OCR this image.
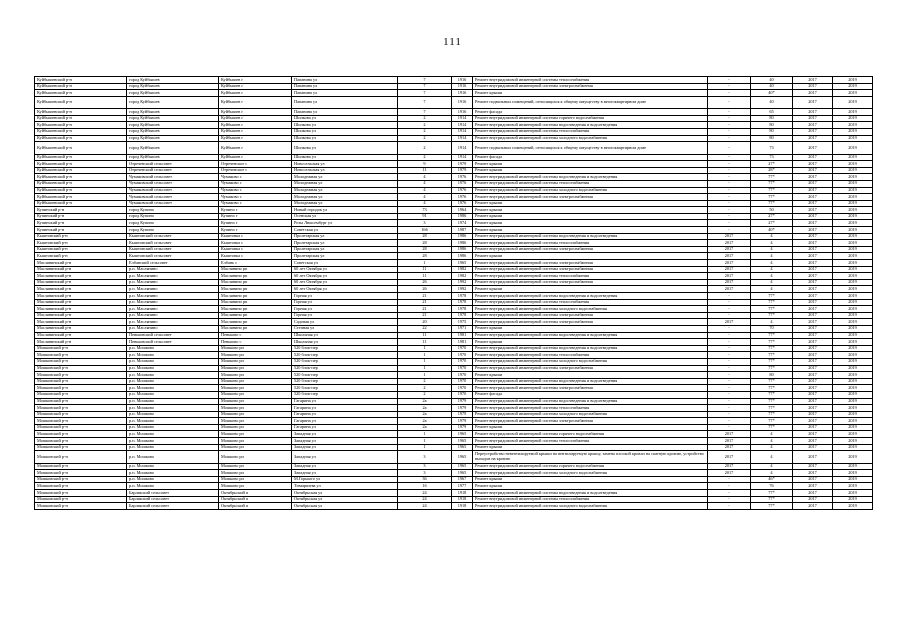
111
Куйбышевский р-н	город Куйбышев	Куйбышев г	Папанина ул	7	1916	Ремонт внутридомовой инженерной системы теплоснабжения	-	40	2017	2019
Куйбышевский р-н	город Куйбышев	Куйбышев г	Папанина ул	7	1916	Ремонт внутридомовой инженерной системы электроснабжения	-	40	2017	2019
Куйбышевский р-н	город Куйбышев	Куйбышев г	Папанина ул	7	1916	Ремонт крыши	-	40*	2017	2019
Куйбышевский р-н	город Куйбышев	Куйбышев г	Папанина ул	7	1916	Ремонт подвальных помещений, относящихся к общему имуществу в многоквартирном доме	-	40	2017	2019
Куйбышевский р-н	город Куйбышев	Куйбышев г	Папанина ул	7	1916	Ремонт фасада	-	65	2017	2019
Куйбышевский р-н	город Куйбышев	Куйбышев г	Шилкова ул	2	1914	Ремонт внутридомовой инженерной системы горячего водоснабжения	-	80	2017	2019
Куйбышевский р-н	город Куйбышев	Куйбышев г	Шилкова ул	2	1914	Ремонт внутридомовой инженерной системы водоотведения и водоотведения	-	80	2017	2019
Куйбышевский р-н	город Куйбышев	Куйбышев г	Шилкова ул	2	1914	Ремонт внутридомовой инженерной системы теплоснабжения	-	80	2017	2019
Куйбышевский р-н	город Куйбышев	Куйбышев г	Шилкова ул	2	1914	Ремонт внутридомовой инженерной системы холодного водоснабжения	-	80	2017	2019
Куйбышевский р-н	город Куйбышев	Куйбышев г	Шилкова ул	2	1914	Ремонт подвальных помещений, относящихся к общему имуществу в многоквартирном доме	-	73	2017	2019
Куйбышевский р-н	город Куйбышев	Куйбышев г	Шилкова ул	2	1914	Ремонт фасада	-	73	2017	2019
Куйбышевский р-н	Отреченский сельсовет	Отреченское с	Новосельская ул	9	1979	Ремонт крыши	-	27*	2017	2019
Куйбышевский р-н	Отреченский сельсовет	Отреченское с	Новосельская ул	11	1979	Ремонт крыши	-	28*	2017	2019
Куйбышевский р-н	Чумаковский сельсовет	Чумаково с	Молодежная ул	4	1976	Ремонт внутридомовой инженерной системы водоотведения и водоотведения	-	77*	2017	2019
Куйбышевский р-н	Чумаковский сельсовет	Чумаково с	Молодежная ул	4	1976	Ремонт внутридомовой инженерной системы теплоснабжения	-	77*	2017	2019
Куйбышевский р-н	Чумаковский сельсовет	Чумаково с	Молодежная ул	4	1976	Ремонт внутридомовой инженерной системы холодного водоснабжения	-	77*	2017	2019
Куйбышевский р-н	Чумаковский сельсовет	Чумаково с	Молодежная ул	4	1976	Ремонт внутридомовой инженерной системы электроснабжения	-	77*	2017	2019
Куйбышевский р-н	Чумаковский сельсовет	Чумаково с	Молодежная ул	4	1976	Ремонт крыши	-	77*	2017	2019
Купинский р-н	город Купино	Купино г	Новый городок ул	73	1964	Ремонт крыши	-	50	2017	2019
Купинский р-н	город Купино	Купино г	Осенская ул	91	1986	Ремонт крыши	-	27*	2017	2019
Купинский р-н	город Купино	Купино г	Розы Люксембург ул	3	1974	Ремонт крыши	-	27*	2017	2019
Купинский р-н	город Купино	Купино г	Советская ул	166	1987	Ремонт крыши	-	40*	2017	2019
Кыштовский р-н	Кыштовский сельсовет	Кыштовка с	Пролетарская ул	28	1986	Ремонт внутридомовой инженерной системы водоотведения и водоотведения	2017	4	2017	2019
Кыштовский р-н	Кыштовский сельсовет	Кыштовка с	Пролетарская ул	28	1986	Ремонт внутридомовой инженерной системы теплоснабжения	2017	4	2017	2019
Кыштовский р-н	Кыштовский сельсовет	Кыштовка с	Пролетарская ул	28	1986	Ремонт внутридомовой инженерной системы электроснабжения	2017	4	2017	2019
Кыштовский р-н	Кыштовский сельсовет	Кыштовка с	Пролетарская ул	28	1986	Ремонт крыши	2017	4	2017	2019
Маслянинский р-н	Елбанский сельсовет	Елбань с	Советская ул	1	1965	Ремонт внутридомовой инженерной системы электроснабжения	2017	4	2017	2019
Маслянинский р-н	р.п. Маслянино	Маслянино рп	60 лет Октября ул	11	1982	Ремонт внутридомовой инженерной системы электроснабжения	2017	4	2017	2019
Маслянинский р-н	р.п. Маслянино	Маслянино рп	60 лет Октября ул	11	1982	Ремонт внутридомовой инженерной системы теплоснабжения	2017	4	2017	2019
Маслянинский р-н	р.п. Маслянино	Маслянино рп	60 лет Октября ул	26	1992	Ремонт внутридомовой инженерной системы электроснабжения	2017	4	2017	2019
Маслянинский р-н	р.п. Маслянино	Маслянино рп	60 лет Октября ул	26	1992	Ремонт крыши	2017	4	2017	2019
Маслянинский р-н	р.п. Маслянино	Маслянино рп	Горная ул	21	1978	Ремонт внутридомовой инженерной системы водоотведения и водоотведения	-	77*	2017	2019
Маслянинский р-н	р.п. Маслянино	Маслянино рп	Горная ул	21	1978	Ремонт внутридомовой инженерной системы теплоснабжения	-	77*	2017	2019
Маслянинский р-н	р.п. Маслянино	Маслянино рп	Горная ул	21	1978	Ремонт внутридомовой инженерной системы холодного водоснабжения	-	77*	2017	2019
Маслянинский р-н	р.п. Маслянино	Маслянино рп	Горная ул	21	1978	Ремонт внутридомовой инженерной системы электроснабжения	-	77*	2017	2019
Маслянинский р-н	р.п. Маслянино	Маслянино рп	Садовая ул	20	1975	Ремонт внутридомовой инженерной системы электроснабжения	2017	4	2017	2019
Маслянинский р-н	р.п. Маслянино	Маслянино рп	Степная ул	22	1971	Ремонт крыши	-	70	2017	2019
Маслянинский р-н	Пеньковский сельсовет	Пеньково с	Школьная ул	11	1981	Ремонт внутридомовой инженерной системы водоотведения и водоотведения	-	77*	2017	2019
Маслянинский р-н	Пеньковский сельсовет	Пеньково с	Школьная ул	11	1981	Ремонт крыши	-	77*	2017	2019
Мошковский р-н	р.п. Мошково	Мошково рп	520 блок-пер	1	1970	Ремонт внутридомовой инженерной системы водоотведения и водоотведения	-	77*	2017	2019
Мошковский р-н	р.п. Мошково	Мошково рп	520 блок-пер	1	1970	Ремонт внутридомовой инженерной системы теплоснабжения	-	77*	2017	2019
Мошковский р-н	р.п. Мошково	Мошково рп	520 блок-пер	1	1970	Ремонт внутридомовой инженерной системы холодного водоснабжения	-	77*	2017	2019
Мошковский р-н	р.п. Мошково	Мошково рп	520 блок-пер	1	1970	Ремонт внутридомовой инженерной системы электроснабжения	-	77*	2017	2019
Мошковский р-н	р.п. Мошково	Мошково рп	520 блок-пер	1	1970	Ремонт крыши	-	80	2017	2019
Мошковский р-н	р.п. Мошково	Мошково рп	520 блок-пер	2	1970	Ремонт внутридомовой инженерной системы водоотведения и водоотведения	-	77*	2017	2019
Мошковский р-н	р.п. Мошково	Мошково рп	520 блок-пер	2	1970	Ремонт внутридомовой инженерной системы электроснабжения	-	77*	2017	2019
Мошковский р-н	р.п. Мошково	Мошково рп	520 блок-пер	2	1970	Ремонт фасада	-	77*	2017	2019
Мошковский р-н	р.п. Мошково	Мошково рп	Гагарина ул	2а	1979	Ремонт внутридомовой инженерной системы водоотведения и водоотведения	-	77*	2017	2019
Мошковский р-н	р.п. Мошково	Мошково рп	Гагарина ул	2а	1979	Ремонт внутридомовой инженерной системы теплоснабжения	-	77*	2017	2019
Мошковский р-н	р.п. Мошково	Мошково рп	Гагарина ул	2а	1979	Ремонт внутридомовой инженерной системы холодного водоснабжения	-	77*	2017	2019
Мошковский р-н	р.п. Мошково	Мошково рп	Гагарина ул	2а	1979	Ремонт внутридомовой инженерной системы электроснабжения	-	77*	2017	2019
Мошковский р-н	р.п. Мошково	Мошково рп	Гагарина ул	2а	1979	Ремонт крыши	-	77*	2017	2019
Мошковский р-н	р.п. Мошково	Мошково рп	Западная ул	1	1965	Ремонт внутридомовой инженерной системы горячего водоснабжения	2017	4	2017	2019
Мошковский р-н	р.п. Мошково	Мошково рп	Западная ул	1	1965	Ремонт внутридомовой инженерной системы теплоснабжения	2017	4	2017	2019
Мошковский р-н	р.п. Мошково	Мошково рп	Западная ул	1	1965	Ремонт крыши	2017	4	2017	2019
Мошковский р-н	р.п. Мошково	Мошково рп	Западная ул	3	1965	Переустройство невентилируемой крыши на вентилируемую крышу, замена плоской кровли на скатную кровлю, устройство выходов на кровлю	2017	4	2017	2019
Мошковский р-н	р.п. Мошково	Мошково рп	Западная ул	3	1965	Ремонт внутридомовой инженерной системы горячего водоснабжения	2017	4	2017	2019
Мошковский р-н	р.п. Мошково	Мошково рп	Западная ул	3	1965	Ремонт внутридомовой инженерной системы холодного водоснабжения	2017	4	2017	2019
Мошковский р-н	р.п. Мошково	Мошково рп	М.Горького ул	36	1967	Ремонт крыши	-	46*	2017	2019
Мошковский р-н	р.п. Мошково	Мошково рп	Тимирязева ул	16	1977	Ремонт крыши	-	76	2017	2019
Мошковский р-н	Барлакский сельсовет	Октябрьский п	Октябрьская ул	24	1918	Ремонт внутридомовой инженерной системы водоотведения и водоотведения	-	77*	2017	2019
Мошковский р-н	Барлакский сельсовет	Октябрьский п	Октябрьская ул	24	1918	Ремонт внутридомовой инженерной системы теплоснабжения	-	77*	2017	2019
Мошковский р-н	Барлакский сельсовет	Октябрьский п	Октябрьская ул	24	1918	Ремонт внутридомовой инженерной системы холодного водоснабжения	-	77*	2017	2019
